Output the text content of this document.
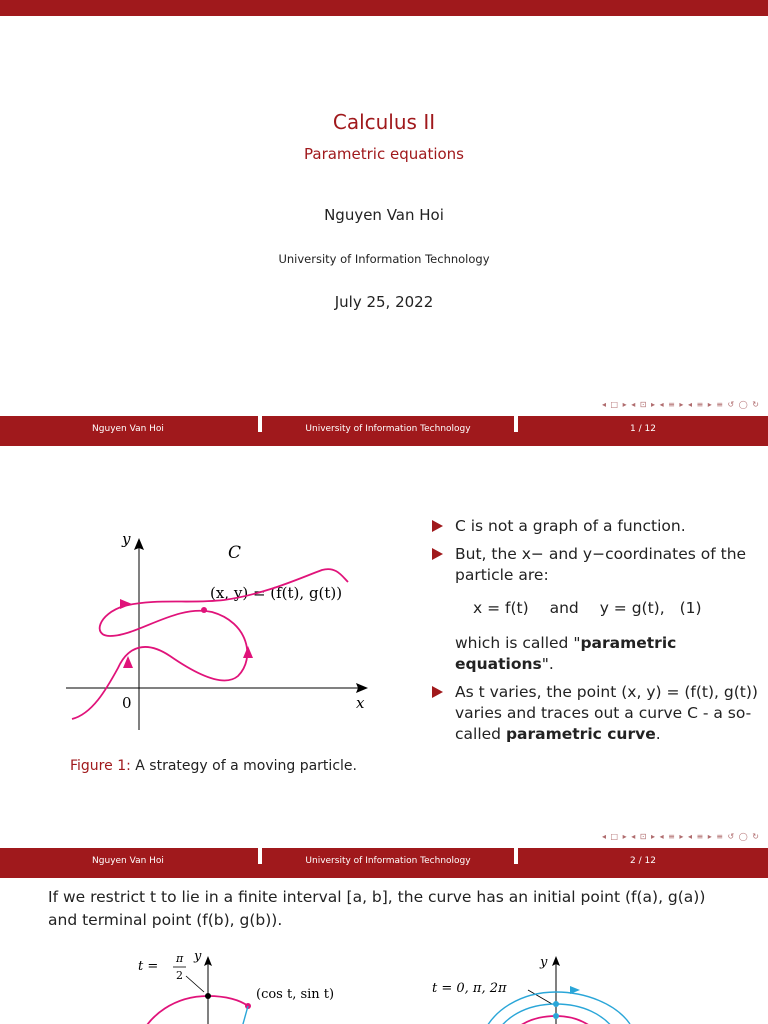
Calculus II
Parametric equations
Nguyen Van Hoi
University of Information Technology
July 25, 2022
◂ □ ▸ ◂ ⊡ ▸ ◂ ≡ ▸ ◂ ≡ ▸ ≡ ↺ ◯ ↻
Nguyen Van Hoi	University of Information Technology	1 / 12
y
x
0
C
(x, y) = (f(t), g(t))
Figure 1: A strategy of a moving particle.
C is not a graph of a function.
But, the x− and y−coordinates of the particle are:
x = f(t) and y = g(t), (1)
which is called "parametric equations".
As t varies, the point (x, y) = (f(t), g(t)) varies and traces out a curve C - a so-called parametric curve.
◂ □ ▸ ◂ ⊡ ▸ ◂ ≡ ▸ ◂ ≡ ▸ ≡ ↺ ◯ ↻
Nguyen Van Hoi	University of Information Technology	2 / 12
If we restrict t to lie in a finite interval [a, b], the curve has an initial point (f(a), g(a)) and terminal point (f(b), g(b)).
y
t =
π
2
(cos t, sin t)
y
t = 0, π, 2π
